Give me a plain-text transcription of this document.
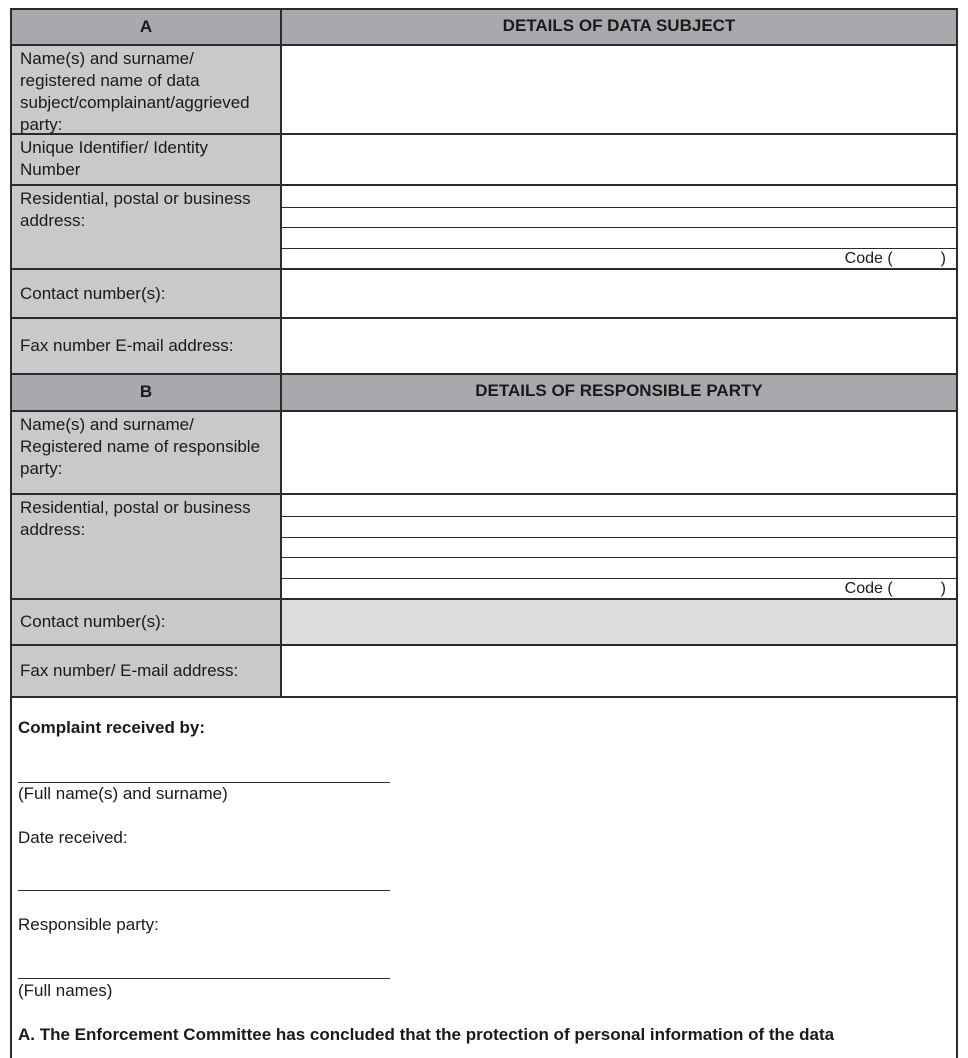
A	DETAILS OF DATA SUBJECT
Name(s) and surname/ registered name of data subject/complainant/aggrieved party:
Unique Identifier/ Identity Number
Residential, postal or business address:
Code (	)
Contact number(s):
Fax number E-mail address:
B	DETAILS OF RESPONSIBLE PARTY
Name(s) and surname/ Registered name of responsible party:
Residential, postal or business address:
Code (	)
Contact number(s):
Fax number/ E-mail address:
Complaint received by:
(Full name(s) and surname)
Date received:
Responsible party:
(Full names)
A. The Enforcement Committee has concluded that the protection of personal information of the data
